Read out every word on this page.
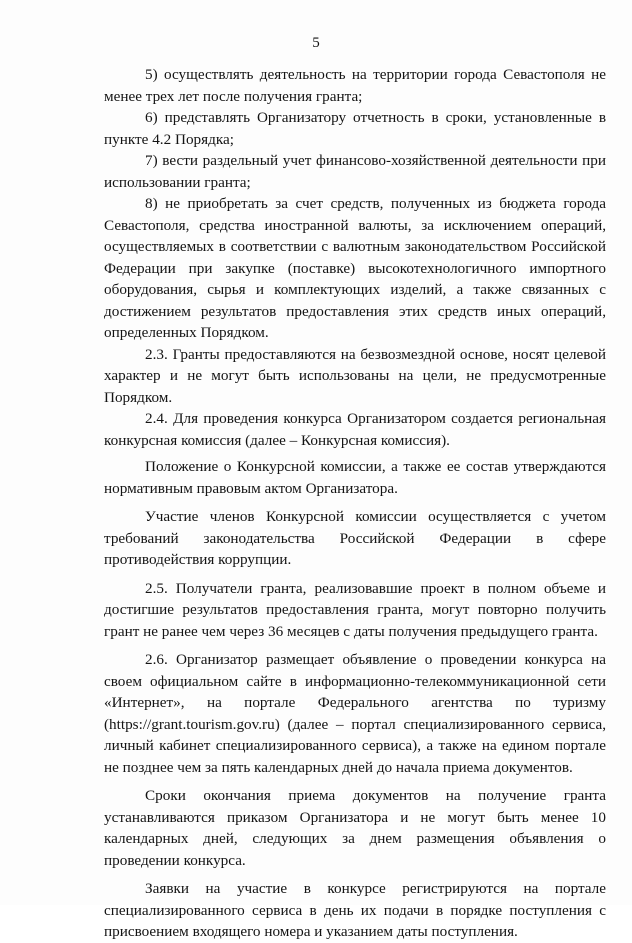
5

5) осуществлять деятельность на территории города Севастополя не менее трех лет после получения гранта;

6) представлять Организатору отчетность в сроки, установленные в пункте 4.2 Порядка;

7) вести раздельный учет финансово-хозяйственной деятельности при использовании гранта;

8) не приобретать за счет средств, полученных из бюджета города Севастополя, средства иностранной валюты, за исключением операций, осуществляемых в соответствии с валютным законодательством Российской Федерации при закупке (поставке) высокотехнологичного импортного оборудования, сырья и комплектующих изделий, а также связанных с достижением результатов предоставления этих средств иных операций, определенных Порядком.

2.3. Гранты предоставляются на безвозмездной основе, носят целевой характер и не могут быть использованы на цели, не предусмотренные Порядком.

2.4. Для проведения конкурса Организатором создается региональная конкурсная комиссия (далее – Конкурсная комиссия).

Положение о Конкурсной комиссии, а также ее состав утверждаются нормативным правовым актом Организатора.

Участие членов Конкурсной комиссии осуществляется с учетом требований законодательства Российской Федерации в сфере противодействия коррупции.

2.5. Получатели гранта, реализовавшие проект в полном объеме и достигшие результатов предоставления гранта, могут повторно получить грант не ранее чем через 36 месяцев с даты получения предыдущего гранта.

2.6. Организатор размещает объявление о проведении конкурса на своем официальном сайте в информационно-телекоммуникационной сети «Интернет», на портале Федерального агентства по туризму (https://grant.tourism.gov.ru) (далее – портал специализированного сервиса, личный кабинет специализированного сервиса), а также на едином портале не позднее чем за пять календарных дней до начала приема документов.

Сроки окончания приема документов на получение гранта устанавливаются приказом Организатора и не могут быть менее 10 календарных дней, следующих за днем размещения объявления о проведении конкурса.

Заявки на участие в конкурсе регистрируются на портале специализированного сервиса в день их подачи в порядке поступления с присвоением входящего номера и указанием даты поступления.
